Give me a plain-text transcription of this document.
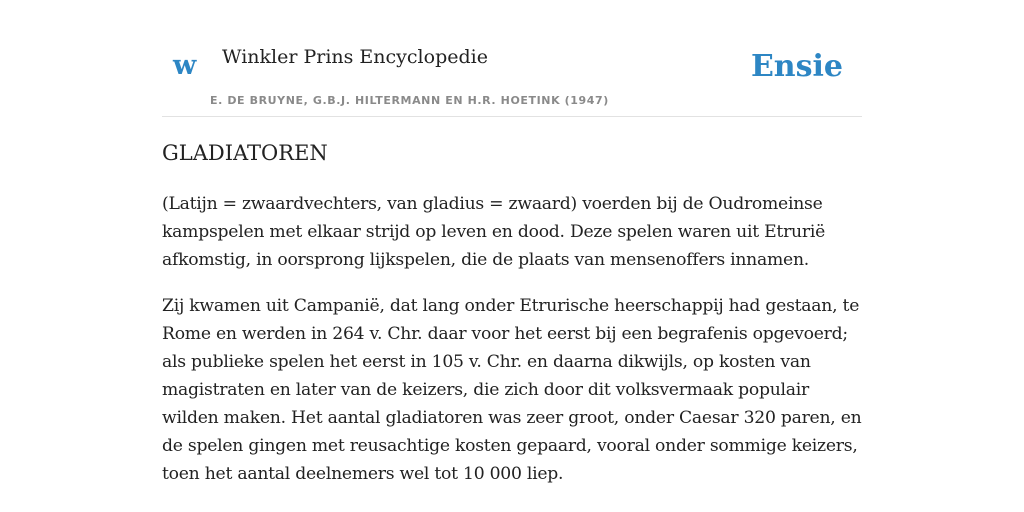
w Winkler Prins Encyclopedie
E. DE BRUYNE, G.B.J. HILTERMANN EN H.R. HOETINK (1947)
Ensie
GLADIATOREN

(Latijn = zwaardvechters, van gladius = zwaard) voerden bij de Oudromeinse kampspelen met elkaar strijd op leven en dood. Deze spelen waren uit Etrurië afkomstig, in oorsprong lijkspelen, die de plaats van mensenoffers innamen.

Zij kwamen uit Campanië, dat lang onder Etrurische heerschappij had gestaan, te Rome en werden in 264 v. Chr. daar voor het eerst bij een begrafenis opgevoerd; als publieke spelen het eerst in 105 v. Chr. en daarna dikwijls, op kosten van magistraten en later van de keizers, die zich door dit volksvermaak populair wilden maken. Het aantal gladiatoren was zeer groot, onder Caesar 320 paren, en de spelen gingen met reusachtige kosten gepaard, vooral onder sommige keizers, toen het aantal deelnemers wel tot 10 000 liep.
